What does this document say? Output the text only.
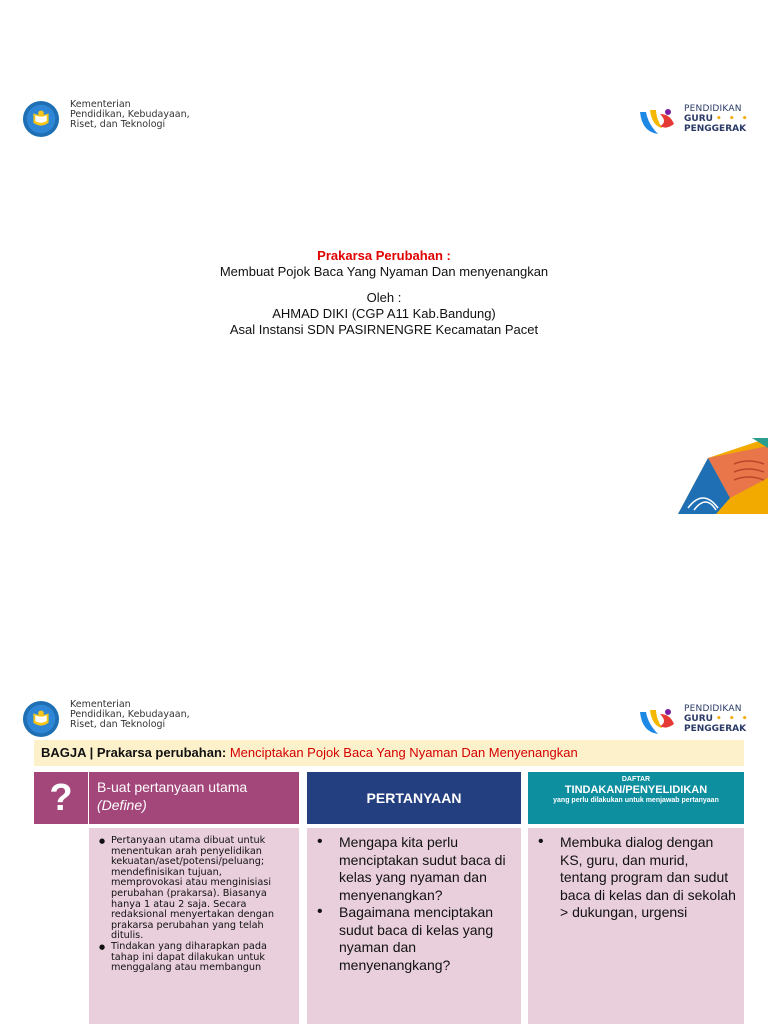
Kementerian
Pendidikan, Kebudayaan,
Riset, dan Teknologi
PENDIDIKAN
GURU • • •
PENGGERAK
Prakarsa Perubahan :
Membuat Pojok Baca Yang Nyaman Dan menyenangkan
Oleh :
AHMAD DIKI (CGP A11 Kab.Bandung)
Asal Instansi SDN PASIRNENGRE Kecamatan Pacet
Kementerian
Pendidikan, Kebudayaan,
Riset, dan Teknologi
PENDIDIKAN
GURU • • •
PENGGERAK
BAGJA | Prakarsa perubahan: Menciptakan Pojok Baca Yang Nyaman Dan Menyenangkan
?	B-uat pertanyaan utama
(Define)	PERTANYAAN
DAFTAR
TINDAKAN/PENYELIDIKAN
yang perlu dilakukan untuk menjawab pertanyaan
● Pertanyaan utama dibuat untuk menentukan arah penyelidikan kekuatan/aset/potensi/peluang; mendefinisikan tujuan, memprovokasi atau menginisiasi perubahan (prakarsa). Biasanya hanya 1 atau 2 saja. Secara redaksional menyertakan dengan prakarsa perubahan yang telah ditulis.
● Tindakan yang diharapkan pada tahap ini dapat dilakukan untuk menggalang atau membangun
• Mengapa kita perlu menciptakan sudut baca di kelas yang nyaman dan menyenangkan?
• Bagaimana menciptakan sudut baca di kelas yang nyaman dan menyenangkang?
• Membuka dialog dengan KS, guru, dan murid, tentang program dan sudut baca di kelas dan di sekolah > dukungan, urgensi
